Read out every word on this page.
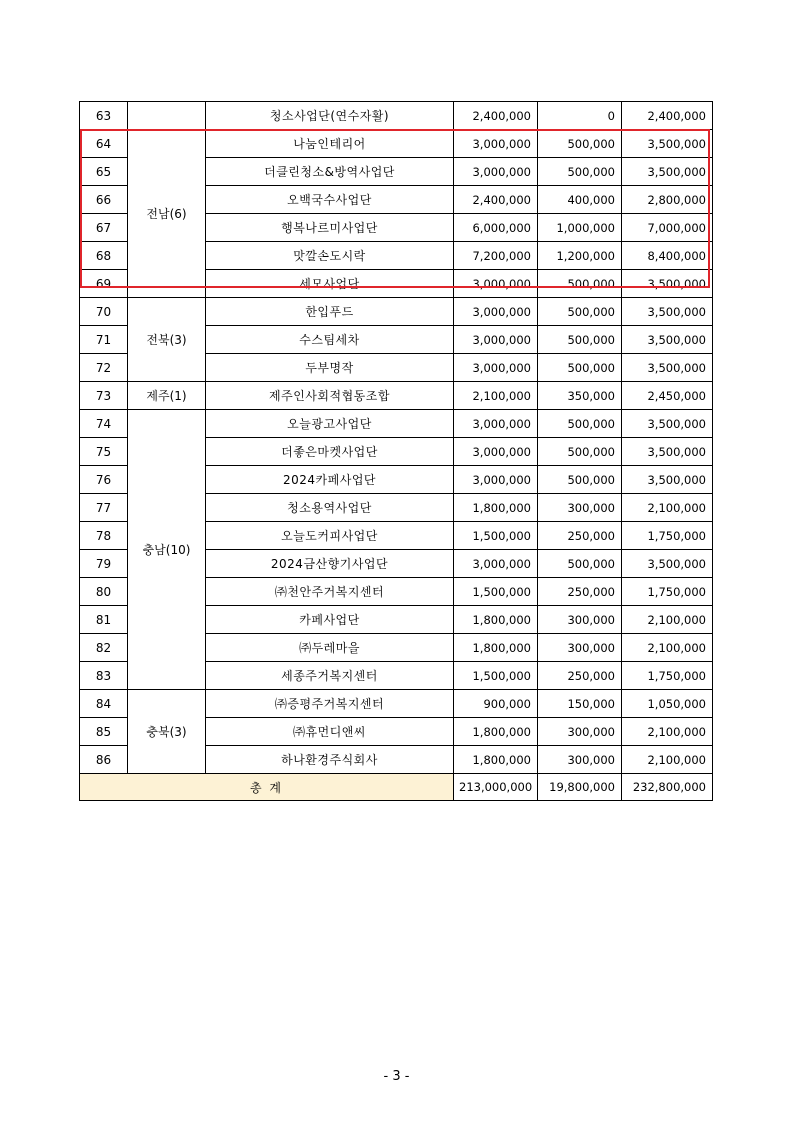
63		청소사업단(연수자활)	2,400,000	0	2,400,000
64	전남(6)	나눔인테리어	3,000,000	500,000	3,500,000
65		더클린청소&방역사업단	3,000,000	500,000	3,500,000
66		오백국수사업단	2,400,000	400,000	2,800,000
67		행복나르미사업단	6,000,000	1,000,000	7,000,000
68		맛깔손도시락	7,200,000	1,200,000	8,400,000
69		세모사업단	3,000,000	500,000	3,500,000
70	전북(3)	한입푸드	3,000,000	500,000	3,500,000
71		수스팀세차	3,000,000	500,000	3,500,000
72		두부명작	3,000,000	500,000	3,500,000
73	제주(1)	제주인사회적협동조합	2,100,000	350,000	2,450,000
74	충남(10)	오늘광고사업단	3,000,000	500,000	3,500,000
75		더좋은마켓사업단	3,000,000	500,000	3,500,000
76		2024카페사업단	3,000,000	500,000	3,500,000
77		청소용역사업단	1,800,000	300,000	2,100,000
78		오늘도커피사업단	1,500,000	250,000	1,750,000
79		2024금산향기사업단	3,000,000	500,000	3,500,000
80		㈜천안주거복지센터	1,500,000	250,000	1,750,000
81		카페사업단	1,800,000	300,000	2,100,000
82		㈜두레마을	1,800,000	300,000	2,100,000
83		세종주거복지센터	1,500,000	250,000	1,750,000
84	충북(3)	㈜증평주거복지센터	900,000	150,000	1,050,000
85		㈜휴먼디앤씨	1,800,000	300,000	2,100,000
86		하나환경주식회사	1,800,000	300,000	2,100,000
총 계			213,000,000	19,800,000	232,800,000
- 3 -
